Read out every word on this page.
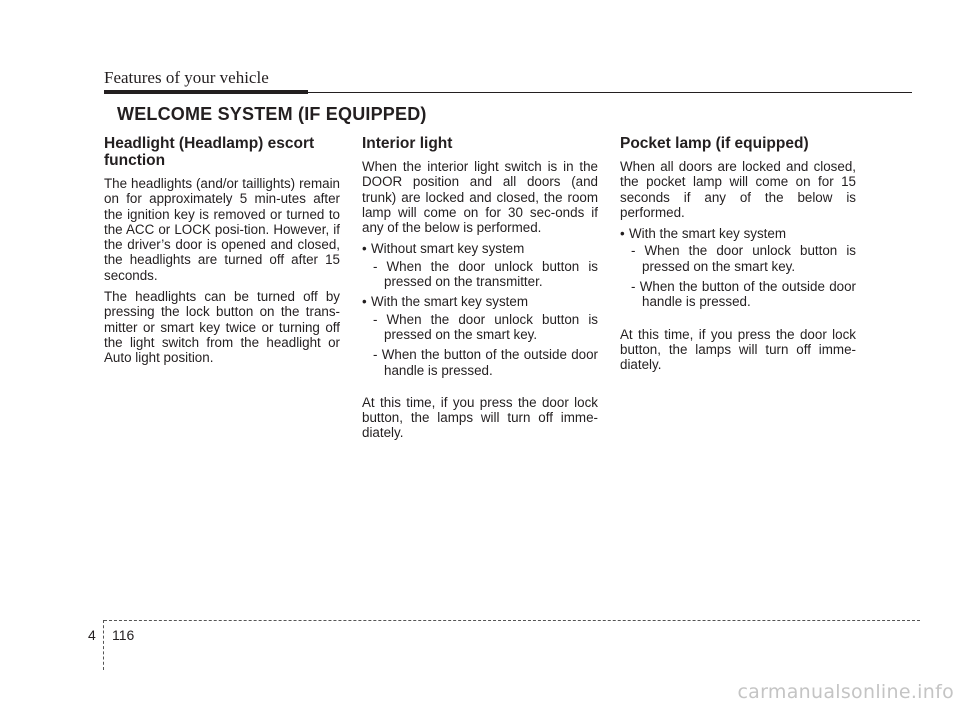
Features of your vehicle
WELCOME SYSTEM (IF EQUIPPED)
Headlight (Headlamp) escort function

The headlights (and/or taillights) remain on for approximately 5 min-utes after the ignition key is removed or turned to the ACC or LOCK posi-tion. However, if the driver’s door is opened and closed, the headlights are turned off after 15 seconds.

The headlights can be turned off by pressing the lock button on the trans-mitter or smart key twice or turning off the light switch from the headlight or Auto light position.

Interior light

When the interior light switch is in the DOOR position and all doors (and trunk) are locked and closed, the room lamp will come on for 30 sec-onds if any of the below is performed.

• Without smart key system
- When the door unlock button is pressed on the transmitter.
• With the smart key system
- When the door unlock button is pressed on the smart key.
- When the button of the outside door handle is pressed.

At this time, if you press the door lock button, the lamps will turn off imme-diately.

Pocket lamp (if equipped)

When all doors are locked and closed, the pocket lamp will come on for 15 seconds if any of the below is performed.

• With the smart key system
- When the door unlock button is pressed on the smart key.
- When the button of the outside door handle is pressed.

At this time, if you press the door lock button, the lamps will turn off imme-diately.

4 116
carmanualsonline.info
